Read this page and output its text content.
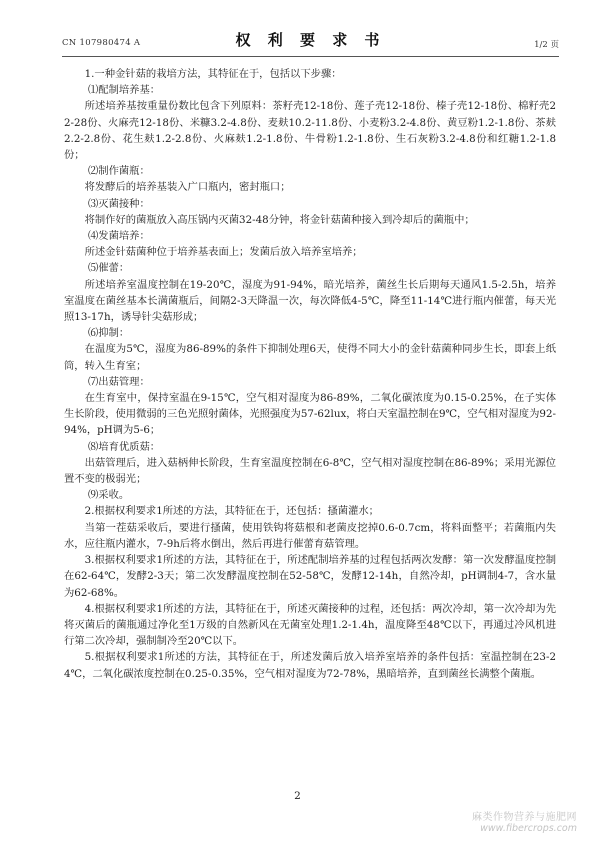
CN 107980474 A	权 利 要 求 书	1/2 页

1.一种金针菇的栽培方法，其特征在于，包括以下步骤：

⑴配制培养基：

所述培养基按重量份数比包含下列原料：茶籽壳12-18份、莲子壳12-18份、榛子壳12-18份、棉籽壳22-28份、火麻壳12-18份、米糠3.2-4.8份、麦麸10.2-11.8份、小麦粉3.2-4.8份、黄豆粉1.2-1.8份、茶麸2.2-2.8份、花生麸1.2-2.8份、火麻麸1.2-1.8份、牛骨粉1.2-1.8份、生石灰粉3.2-4.8份和红糖1.2-1.8份；

⑵制作菌瓶：

将发酵后的培养基装入广口瓶内，密封瓶口；

⑶灭菌接种：

将制作好的菌瓶放入高压锅内灭菌32-48分钟，将金针菇菌种接入到冷却后的菌瓶中；

⑷发菌培养：

所述金针菇菌种位于培养基表面上；发菌后放入培养室培养；

⑸催蕾：

所述培养室温度控制在19-20℃，湿度为91-94%，暗光培养，菌丝生长后期每天通风1.5-2.5h，培养室温度在菌丝基本长满菌瓶后，间隔2-3天降温一次，每次降低4-5℃，降至11-14℃进行瓶内催蕾，每天光照13-17h，诱导针尖菇形成；

⑹抑制：

在温度为5℃，湿度为86-89%的条件下抑制处理6天，使得不同大小的金针菇菌种同步生长，即套上纸筒，转入生育室；

⑺出菇管理：

在生育室中，保持室温在9-15℃，空气相对湿度为86-89%，二氧化碳浓度为0.15-0.25%，在子实体生长阶段，使用微弱的三色光照射菌体，光照强度为57-62lux，将白天室温控制在9℃，空气相对湿度为92-94%，pH调为5-6；

⑻培育优质菇：

出菇管理后，进入菇柄伸长阶段，生育室温度控制在6-8℃，空气相对湿度控制在86-89%；采用光源位置不变的极弱光；

⑼采收。

2.根据权利要求1所述的方法，其特征在于，还包括：搔菌灌水；

当第一茬菇采收后，要进行搔菌，使用铁钩将菇根和老菌皮挖掉0.6-0.7cm，将料面整平；若菌瓶内失水，应往瓶内灌水，7-9h后将水倒出，然后再进行催蕾育菇管理。

3.根据权利要求1所述的方法，其特征在于，所述配制培养基的过程包括两次发酵：第一次发酵温度控制在62-64℃，发酵2-3天；第二次发酵温度控制在52-58℃，发酵12-14h，自然冷却，pH调制4-7，含水量为62-68%。

4.根据权利要求1所述的方法，其特征在于，所述灭菌接种的过程，还包括：两次冷却，第一次冷却为先将灭菌后的菌瓶通过净化至1万级的自然新风在无菌室处理1.2-1.4h，温度降至48℃以下，再通过冷风机进行第二次冷却，强制制冷至20℃以下。

5.根据权利要求1所述的方法，其特征在于，所述发菌后放入培养室培养的条件包括：室温控制在23-24℃，二氧化碳浓度控制在0.25-0.35%，空气相对湿度为72-78%，黑暗培养，直到菌丝长满整个菌瓶。

2
麻类作物营养与施肥网
www.fibercrops.com
